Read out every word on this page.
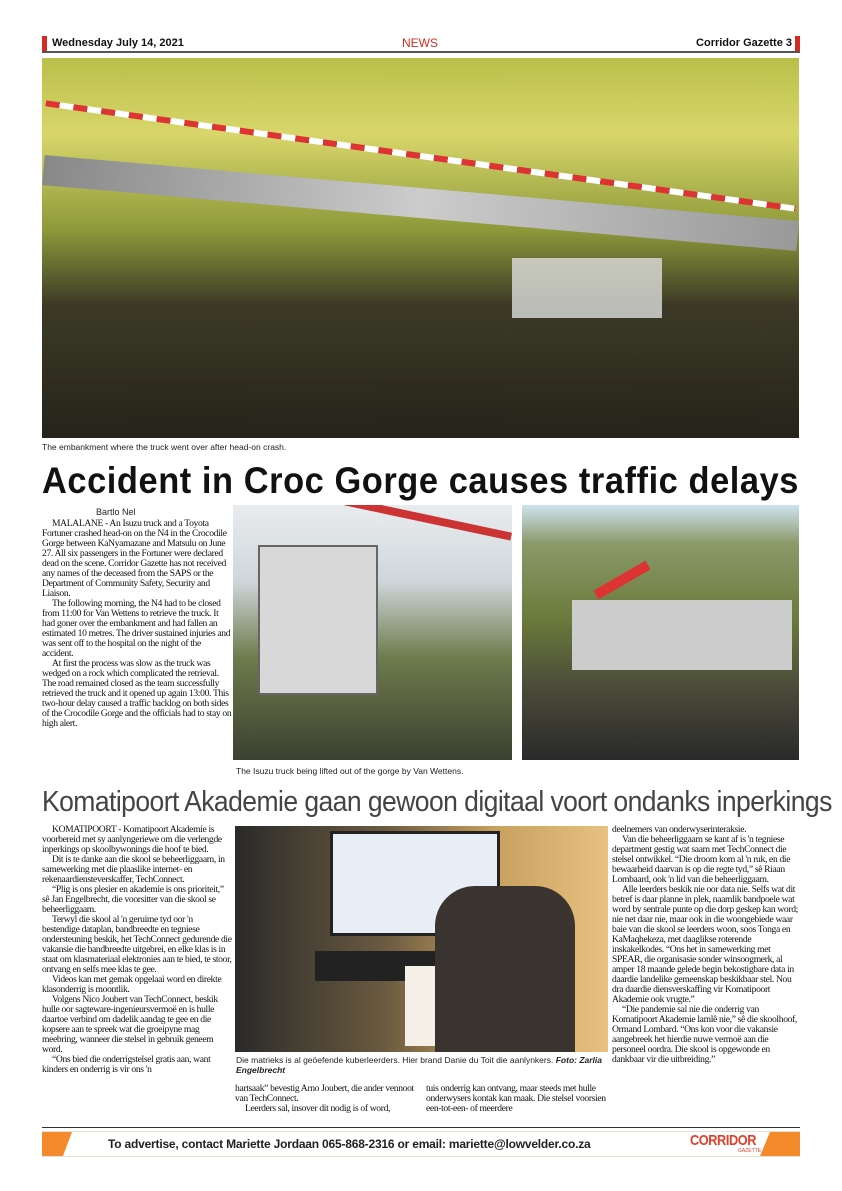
Wednesday July 14, 2021	NEWS	Corridor Gazette 3
The embankment where the truck went over after head-on crash.
Accident in Croc Gorge causes traffic delays
Bartlo Nel

MALALANE - An Isuzu truck and a Toyota Fortuner crashed head-on on the N4 in the Crocodile Gorge between KaNyamazane and Matsulu on June 27. All six passengers in the Fortuner were declared dead on the scene. Corridor Gazette has not received any names of the deceased from the SAPS or the Department of Community Safety, Security and Liaison.

The following morning, the N4 had to be closed from 11:00 for Van Wettens to retrieve the truck. It had goner over the embankment and had fallen an estimated 10 metres. The driver sustained injuries and was sent off to the hospital on the night of the accident.

At first the process was slow as the truck was wedged on a rock which complicated the retrieval. The road remained closed as the team successfully retrieved the truck and it opened up again 13:00. This two-hour delay caused a traffic backlog on both sides of the Crocodile Gorge and the officials had to stay on high alert.

The Isuzu truck being lifted out of the gorge by Van Wettens.
Komatipoort Akademie gaan gewoon digitaal voort ondanks inperkings

KOMATIPOORT - Komatipoort Akademie is voorbereid met sy aanlyngeriewe om die verlengde inperkings op skoolbywonings die hoof te bied.

Dit is te danke aan die skool se beheerliggaam, in samewerking met die plaaslike internet- en rekenaardiensteverskaffer, TechConnect.

“Plig is ons plesier en akademie is ons prioriteit,” sê Jan Engelbrecht, die voorsitter van die skool se beheerliggaam.

Terwyl die skool al 'n geruime tyd oor 'n bestendige dataplan, bandbreedte en tegniese ondersteuning beskik, het TechConnect gedurende die vakansie die bandbreedte uitgebrei, en elke klas is in staat om klasmateriaal elektronies aan te bied, te stoor, ontvang en selfs mee klas te gee.

Videos kan met gemak opgelaai word en direkte klasonderrig is moontlik.

Volgens Nico Joubert van TechConnect, beskik hulle oor sagteware-ingenieursvermoë en is hulle daartoe verbind om dadelik aandag te gee en die kopsere aan te spreek wat die groeipyne mag meebring, wanneer die stelsel in gebruik geneem word.

“Ons bied die onderrigstelsel gratis aan, want kinders en onderrig is vir ons 'n

Die matrieks is al geöefende kuberleerders. Hier brand Danie du Toit die aanlynkers. Foto: Zarlia Engelbrecht

hartsaak” bevestig Arno Joubert, die ander vennoot van TechConnect.

Leerders sal, insover dit nodig is of word,

tuis onderrig kan ontvang, maar steeds met hulle onderwysers kontak kan maak. Die stelsel voorsien een-tot-een- of meerdere

deelnemers van onderwyserinteraksie.

Van die beheerliggaam se kant af is 'n tegniese department gestig wat saam met TechConnect die stelsel ontwikkel. “Die droom kom al 'n ruk, en die bewaarheid daarvan is op die regte tyd,” sê Riaan Lombaard, ook 'n lid van die beheerliggaam.

Alle leerders beskik nie oor data nie. Selfs wat dit betref is daar planne in plek, naamlik bandpoele wat word by sentrale punte op die dorp geskep kan word; nie net daar nie, maar ook in die woongebiede waar baie van die skool se leerders woon, soos Tonga en KaMaqhekeza, met daaglikse roterende inskakelkodes. “Ons het in samewerking met SPEAR, die organisasie sonder winsoogmerk, al amper 18 maande gelede begin bekostigbare data in daardie landelike gemeenskap beskikbaar stel. Nou dra daardie diensverskaffing vir Komatipoort Akademie ook vrugte.”

“Die pandemie sal nie die onderrig van Komatipoort Akademie lamlê nie,” sê die skoolhoof, Ormand Lombard. “Ons kon voor die vakansie aangebreek het hierdie nuwe vermoë aan die personeel oordra. Die skool is opgewonde en dankbaar vir die uitbreiding.”

To advertise, contact Mariette Jordaan 065-868-2316 or email: mariette@lowvelder.co.za	CORRIDOR
GAZETTE
